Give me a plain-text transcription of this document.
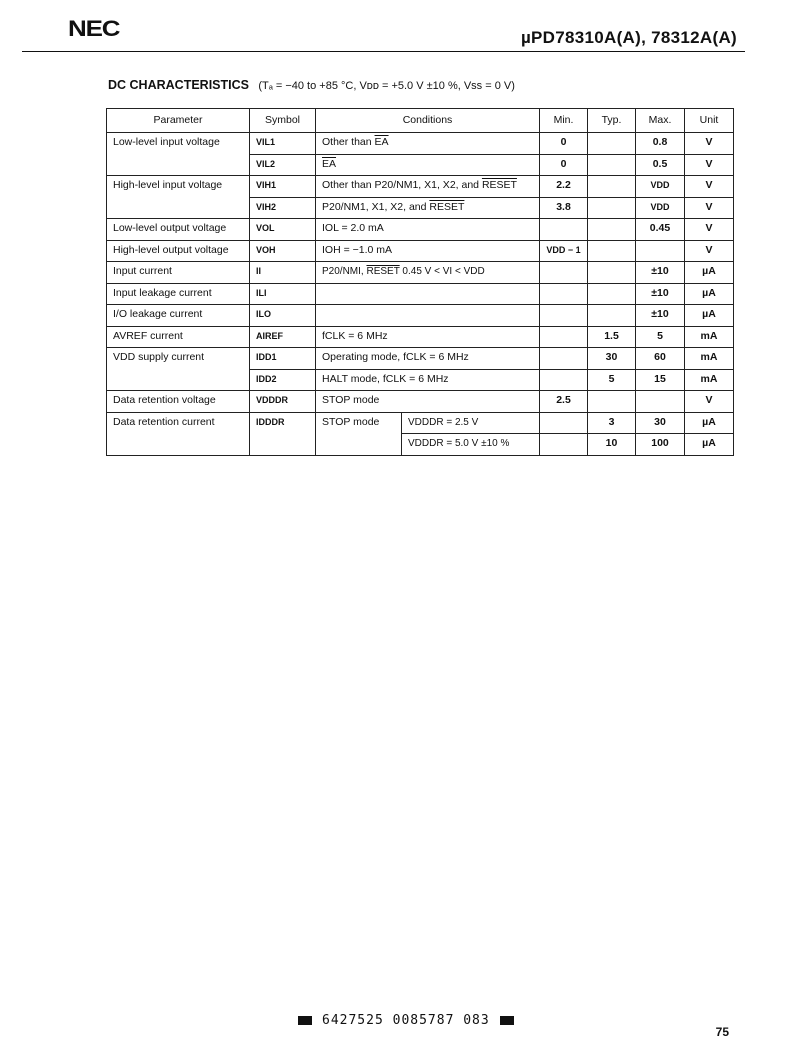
NEC	µPD78310A(A), 78312A(A)
DC CHARACTERISTICS (Tₐ = −40 to +85 °C, Vᴅᴅ = +5.0 V ±10 %, Vss = 0 V)
Parameter	Symbol	Conditions		Min.	Typ.	Max.	Unit
Low-level input voltage	VIL1	Other than $\overline{EA}$		0		0.8	V
	VIL2	$\overline{EA}$		0		0.5	V
High-level input voltage	VIH1	Other than P20/NM1, X1, X2, and RESET		2.2		VDD	V
	VIH2	P20/NM1, X1, X2, and RESET		3.8		VDD	V
Low-level output voltage	VOL	IOL = 2.0 mA				0.45	V
High-level output voltage	VOH	IOH = −1.0 mA		VDD − 1			V
Input current	II	P20/NMI, RESET 0.45 V < VI < VDD				±10	µA
Input leakage current	ILI					±10	µA
I/O leakage current	ILO					±10	µA
AVREF current	AIREF	fCLK = 6 MHz			1.5	5	mA
VDD supply current	IDD1	Operating mode, fCLK = 6 MHz			30	60	mA
	IDD2	HALT mode, fCLK = 6 MHz			5	15	mA
Data retention voltage	VDDDR	STOP mode		2.5			V
Data retention current	IDDDR	STOP mode	VDDDR = 2.5 V		3	30	µA
			VDDDR = 5.0 V ±10 %		10	100	µA
6427525 0085787 083
75
